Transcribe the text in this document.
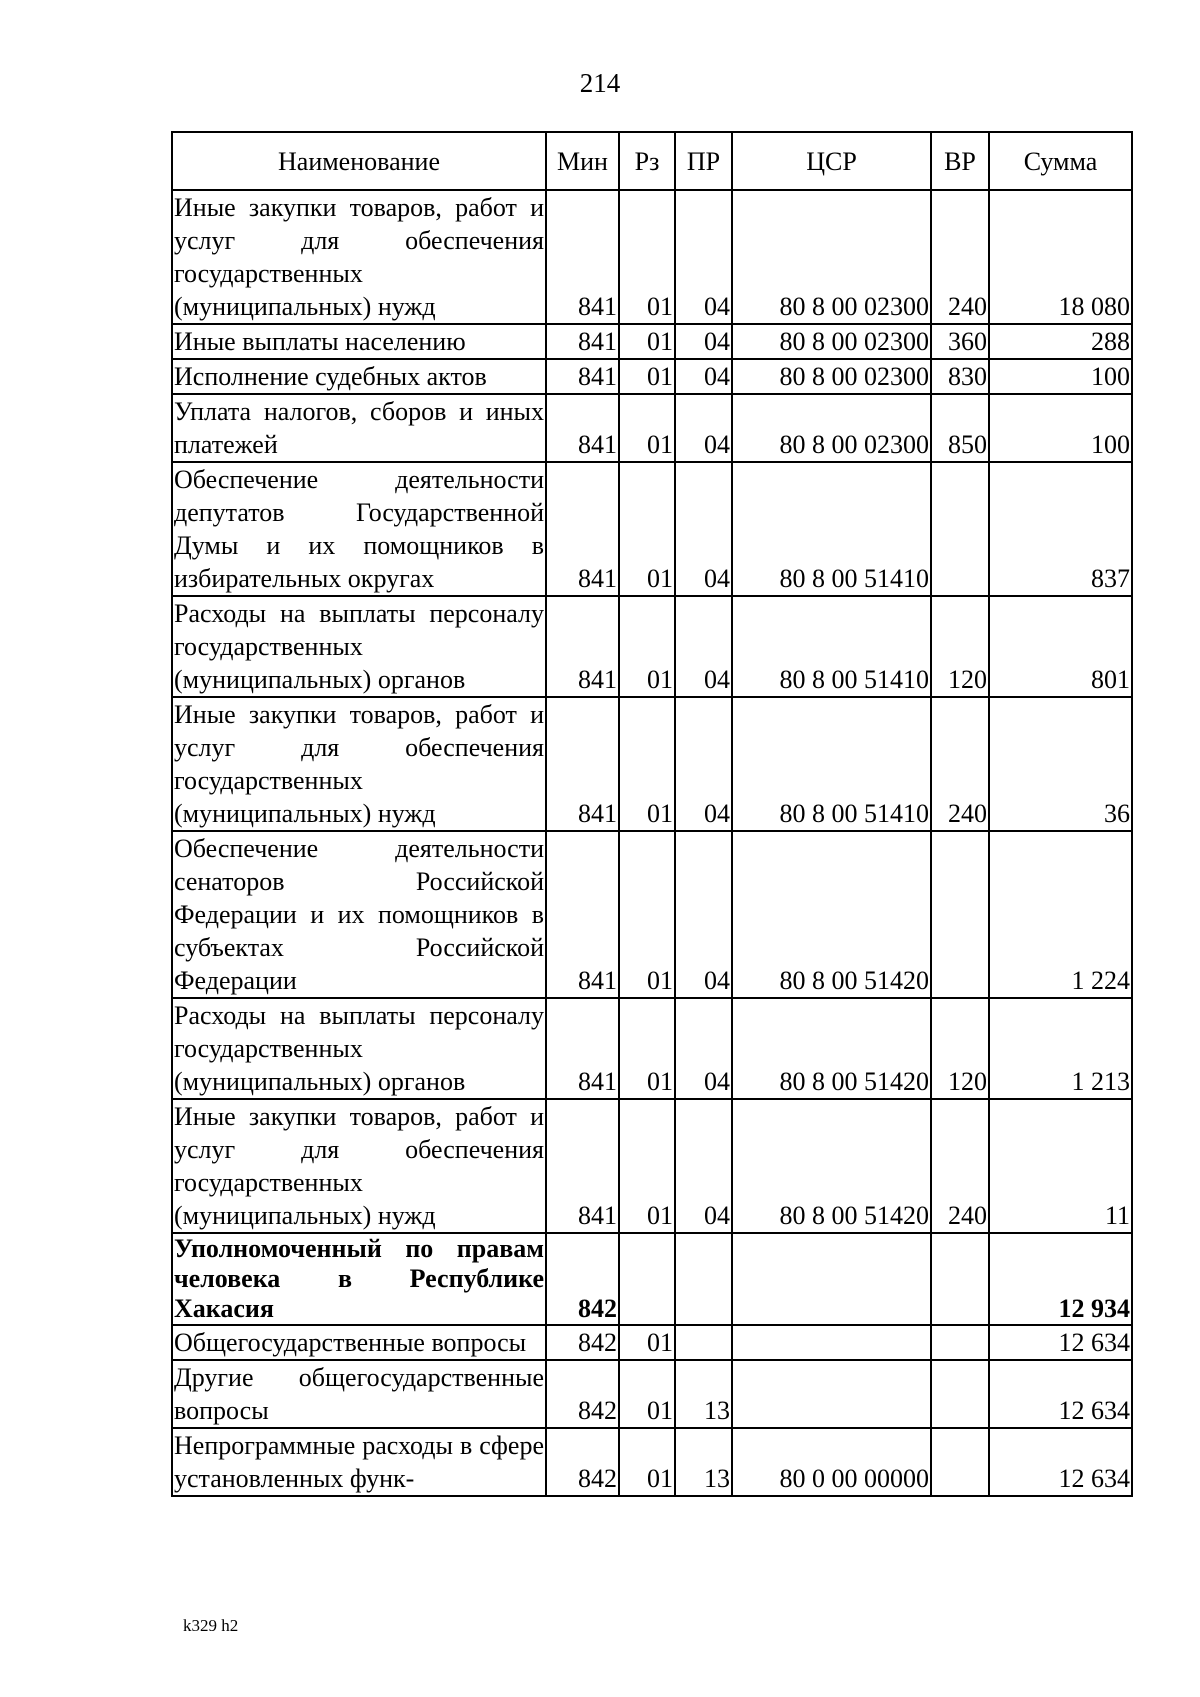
214
Наименование	Мин	Рз	ПР	ЦСР	ВР	Сумма
Иные закупки товаров, работ и услуг для обеспечения государственных (муниципальных) нужд	841	01	04	80 8 00 02300	240	18 080
Иные выплаты населению	841	01	04	80 8 00 02300	360	288
Исполнение судебных актов	841	01	04	80 8 00 02300	830	100
Уплата налогов, сборов и иных платежей	841	01	04	80 8 00 02300	850	100
Обеспечение деятельности депутатов Государственной Думы и их помощников в избирательных округах	841	01	04	80 8 00 51410		837
Расходы на выплаты персоналу государственных (муниципальных) органов	841	01	04	80 8 00 51410	120	801
Иные закупки товаров, работ и услуг для обеспечения государственных (муниципальных) нужд	841	01	04	80 8 00 51410	240	36
Обеспечение деятельности сенаторов Российской Федерации и их помощников в субъектах Российской Федерации	841	01	04	80 8 00 51420		1 224
Расходы на выплаты персоналу государственных (муниципальных) органов	841	01	04	80 8 00 51420	120	1 213
Иные закупки товаров, работ и услуг для обеспечения государственных (муниципальных) нужд	841	01	04	80 8 00 51420	240	11
Уполномоченный по правам человека в Республике Хакасия	842					12 934
Общегосударственные вопросы	842	01				12 634
Другие общегосударственные вопросы	842	01	13			12 634
Непрограммные расходы в сфере установленных функ-	842	01	13	80 0 00 00000		12 634
k329 h2
